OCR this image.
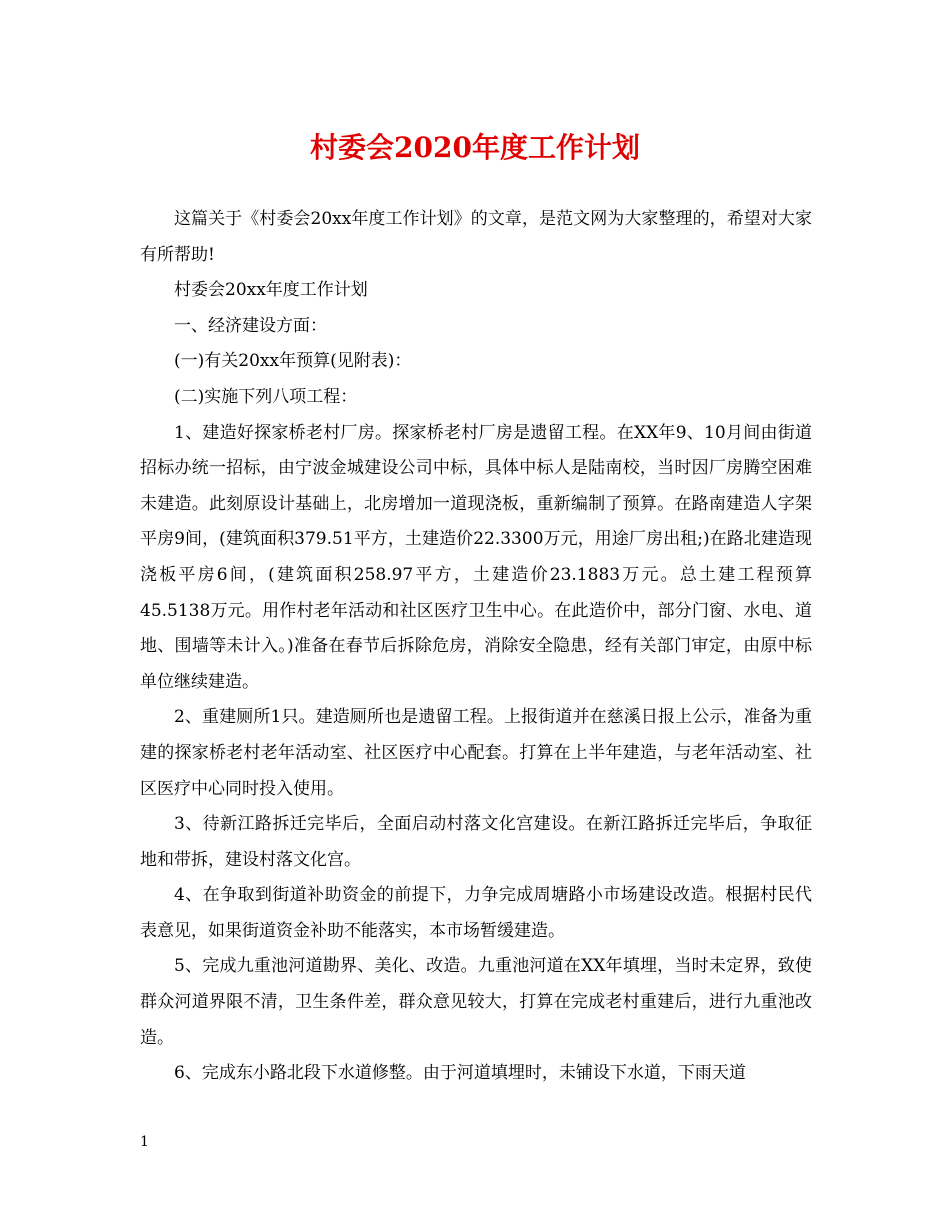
村委会2020年度工作计划

这篇关于《村委会20xx年度工作计划》的文章，是范文网为大家整理的，希望对大家有所帮助!

村委会20xx年度工作计划

一、经济建设方面：

(一)有关20xx年预算(见附表)：

(二)实施下列八项工程：

1、建造好探家桥老村厂房。探家桥老村厂房是遗留工程。在XX年9、10月间由街道招标办统一招标，由宁波金城建设公司中标，具体中标人是陆南校，当时因厂房腾空困难未建造。此刻原设计基础上，北房增加一道现浇板，重新编制了预算。在路南建造人字架平房9间，(建筑面积379.51平方，土建造价22.3300万元，用途厂房出租;)在路北建造现浇板平房6间，(建筑面积258.97平方，土建造价23.1883万元。总土建工程预算45.5138万元。用作村老年活动和社区医疗卫生中心。在此造价中，部分门窗、水电、道地、围墙等未计入。)准备在春节后拆除危房，消除安全隐患，经有关部门审定，由原中标单位继续建造。

2、重建厕所1只。建造厕所也是遗留工程。上报街道并在慈溪日报上公示，准备为重建的探家桥老村老年活动室、社区医疗中心配套。打算在上半年建造，与老年活动室、社区医疗中心同时投入使用。

3、待新江路拆迁完毕后，全面启动村落文化宫建设。在新江路拆迁完毕后，争取征地和带拆，建设村落文化宫。

4、在争取到街道补助资金的前提下，力争完成周塘路小市场建设改造。根据村民代表意见，如果街道资金补助不能落实，本市场暂缓建造。

5、完成九重池河道勘界、美化、改造。九重池河道在XX年填埋，当时未定界，致使群众河道界限不清，卫生条件差，群众意见较大，打算在完成老村重建后，进行九重池改造。

6、完成东小路北段下水道修整。由于河道填埋时，未铺设下水道，下雨天道

1
